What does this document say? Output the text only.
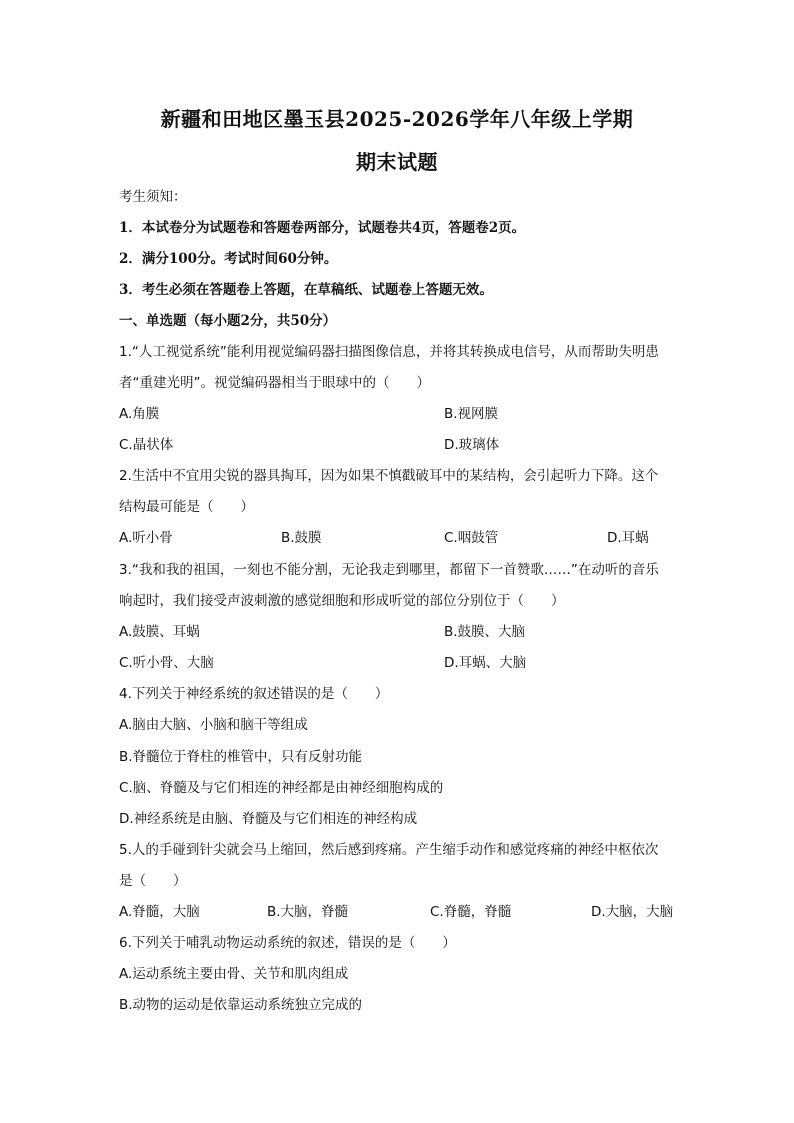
新疆和田地区墨玉县2025-2026学年八年级上学期
期末试题
考生须知：
1．本试卷分为试题卷和答题卷两部分，试题卷共4页，答题卷2页。
2．满分100分。考试时间60分钟。
3．考生必须在答题卷上答题，在草稿纸、试题卷上答题无效。
一、单选题（每小题2分，共50分）
1.“人工视觉系统”能利用视觉编码器扫描图像信息，并将其转换成电信号，从而帮助失明患
者“重建光明”。视觉编码器相当于眼球中的（　　）
A.角膜	B.视网膜
C.晶状体	D.玻璃体
2.生活中不宜用尖锐的器具掏耳，因为如果不慎戳破耳中的某结构，会引起听力下降。这个
结构最可能是（　　）
A.听小骨	B.鼓膜	C.咽鼓管	D.耳蜗
3.“我和我的祖国，一刻也不能分割，无论我走到哪里，都留下一首赞歌……”在动听的音乐
响起时，我们接受声波刺激的感觉细胞和形成听觉的部位分别位于（　　）
A.鼓膜、耳蜗	B.鼓膜、大脑
C.听小骨、大脑	D.耳蜗、大脑
4.下列关于神经系统的叙述错误的是（　　）
A.脑由大脑、小脑和脑干等组成
B.脊髓位于脊柱的椎管中，只有反射功能
C.脑、脊髓及与它们相连的神经都是由神经细胞构成的
D.神经系统是由脑、脊髓及与它们相连的神经构成
5.人的手碰到针尖就会马上缩回，然后感到疼痛。产生缩手动作和感觉疼痛的神经中枢依次
是（　　）
A.脊髓，大脑	B.大脑，脊髓	C.脊髓，脊髓	D.大脑，大脑
6.下列关于哺乳动物运动系统的叙述，错误的是（　　）
A.运动系统主要由骨、关节和肌肉组成
B.动物的运动是依靠运动系统独立完成的
